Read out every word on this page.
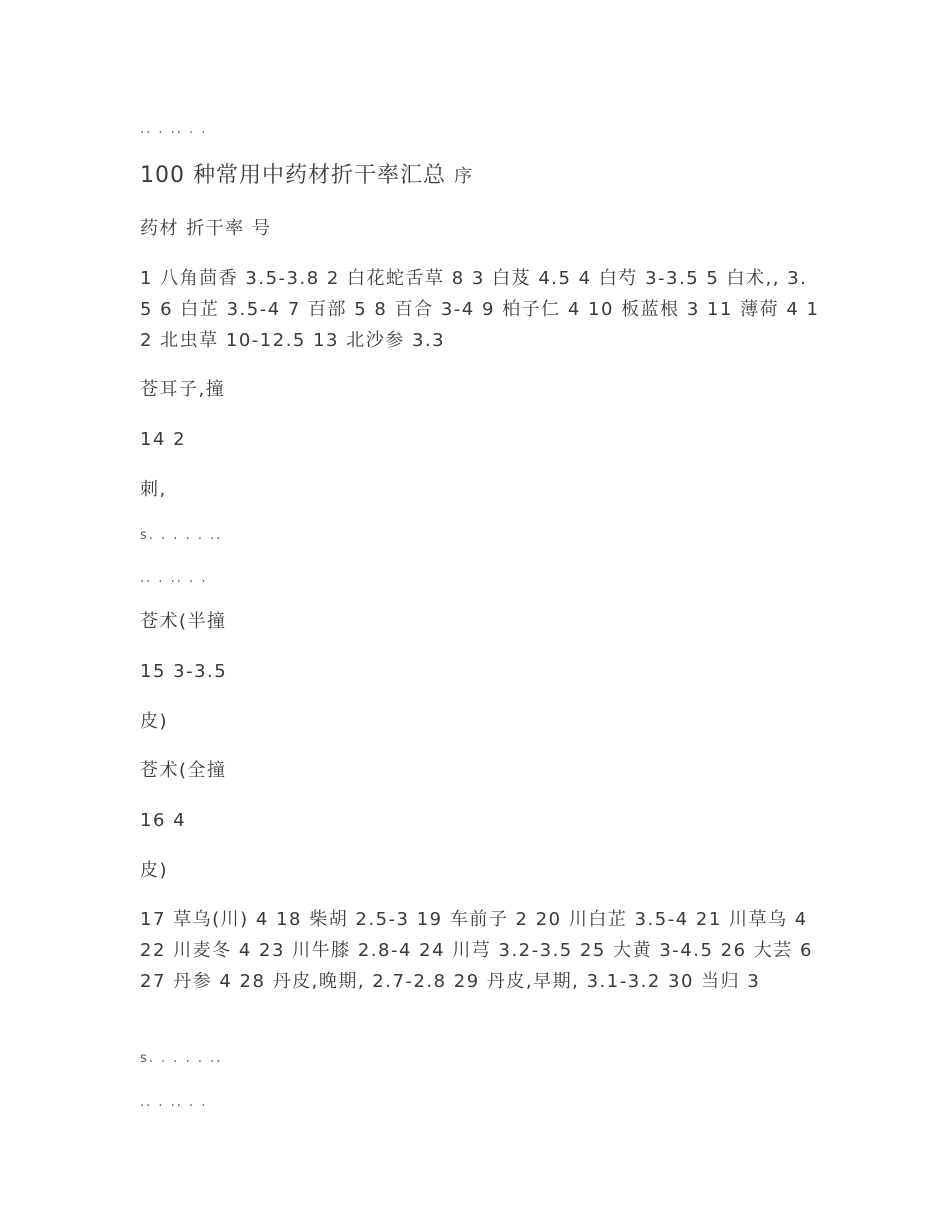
.. . .. . .
100 种常用中药材折干率汇总 序
药材 折干率 号
1 八角茴香 3.5-3.8 2 白花蛇舌草 8 3 白芨 4.5 4 白芍 3-3.5 5 白术,, 3.5 6 白芷 3.5-4 7 百部 5 8 百合 3-4 9 柏子仁 4 10 板蓝根 3 11 薄荷 4 12 北虫草 10-12.5 13 北沙参 3.3
苍耳子,撞
14 2
刺,
s. . . . . ..
.. . .. . .
苍术(半撞
15 3-3.5
皮)
苍术(全撞
16 4
皮)
17 草乌(川) 4 18 柴胡 2.5-3 19 车前子 2 20 川白芷 3.5-4 21 川草乌 4 22 川麦冬 4 23 川牛膝 2.8-4 24 川芎 3.2-3.5 25 大黄 3-4.5 26 大芸 6 27 丹参 4 28 丹皮,晚期, 2.7-2.8 29 丹皮,早期, 3.1-3.2 30 当归 3
s. . . . . ..
.. . .. . .
